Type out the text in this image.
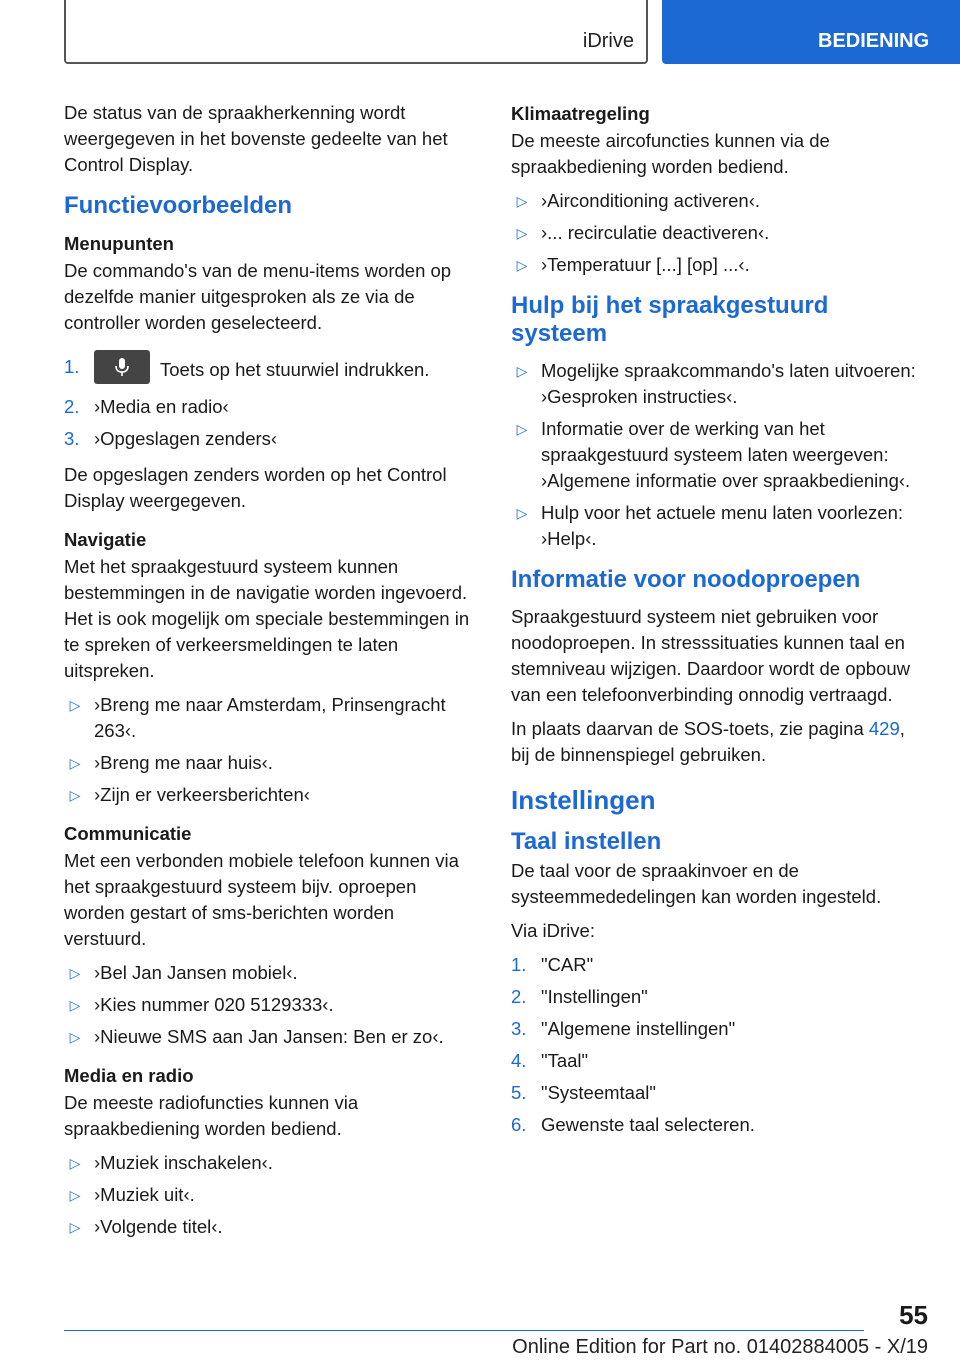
iDrive	BEDIENING

De status van de spraakherkenning wordt weergegeven in het bovenste gedeelte van het Control Display.

Functievoorbeelden
Menupunten

De commando's van de menu-items worden op dezelfde manier uitgesproken als ze via de controller worden geselecteerd.

1.	Toets op het stuurwiel indrukken.
2. ›Media en radio‹
3. ›Opgeslagen zenders‹

De opgeslagen zenders worden op het Control Display weergegeven.

Navigatie

Met het spraakgestuurd systeem kunnen bestemmingen in de navigatie worden ingevoerd. Het is ook mogelijk om speciale bestemmingen in te spreken of verkeersmeldingen te laten uitspreken.

▷ ›Breng me naar Amsterdam, Prinsengracht 263‹.
▷ ›Breng me naar huis‹.
▷ ›Zijn er verkeersberichten‹
Communicatie

Met een verbonden mobiele telefoon kunnen via het spraakgestuurd systeem bijv. oproepen worden gestart of sms-berichten worden verstuurd.

▷ ›Bel Jan Jansen mobiel‹.
▷ ›Kies nummer 020 5129333‹.
▷ ›Nieuwe SMS aan Jan Jansen: Ben er zo‹.
Media en radio

De meeste radiofuncties kunnen via spraakbediening worden bediend.

▷ ›Muziek inschakelen‹.
▷ ›Muziek uit‹.
▷ ›Volgende titel‹.
Klimaatregeling

De meeste aircofuncties kunnen via de spraakbediening worden bediend.

▷ ›Airconditioning activeren‹.
▷ ›... recirculatie deactiveren‹.
▷ ›Temperatuur [...] [op] ...‹.
Hulp bij het spraakgestuurd systeem
▷ Mogelijke spraakcommando's laten uitvoeren: ›Gesproken instructies‹.
▷ Informatie over de werking van het spraakgestuurd systeem laten weergeven: ›Algemene informatie over spraakbediening‹.
▷ Hulp voor het actuele menu laten voorlezen: ›Help‹.
Informatie voor noodoproepen

Spraakgestuurd systeem niet gebruiken voor noodoproepen. In stresssituaties kunnen taal en stemniveau wijzigen. Daardoor wordt de opbouw van een telefoonverbinding onnodig vertraagd.

In plaats daarvan de SOS-toets, zie pagina 429, bij de binnenspiegel gebruiken.

Instellingen
Taal instellen

De taal voor de spraakinvoer en de systeemmededelingen kan worden ingesteld.

Via iDrive:

1. "CAR"
2. "Instellingen"
3. "Algemene instellingen"
4. "Taal"
5. "Systeemtaal"
6. Gewenste taal selecteren.
55
Online Edition for Part no. 01402884005 - X/19
